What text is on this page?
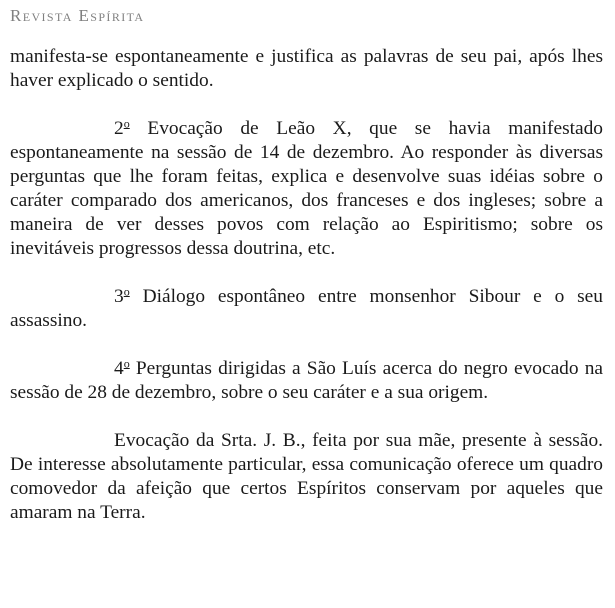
Revista Espírita

manifesta-se espontaneamente e justifica as palavras de seu pai, após lhes haver explicado o sentido.

2$^o$ Evocação de Leão X, que se havia manifestado espontaneamente na sessão de 14 de dezembro. Ao responder às diversas perguntas que lhe foram feitas, explica e desenvolve suas idéias sobre o caráter comparado dos americanos, dos franceses e dos ingleses; sobre a maneira de ver desses povos com relação ao Espiritismo; sobre os inevitáveis progressos dessa doutrina, etc.

3$^o$ Diálogo espontâneo entre monsenhor Sibour e o seu assassino.

4$^o$ Perguntas dirigidas a São Luís acerca do negro evocado na sessão de 28 de dezembro, sobre o seu caráter e a sua origem.

Evocação da Srta. J. B., feita por sua mãe, presente à sessão. De interesse absolutamente particular, essa comunicação oferece um quadro comovedor da afeição que certos Espíritos conservam por aqueles que amaram na Terra.
